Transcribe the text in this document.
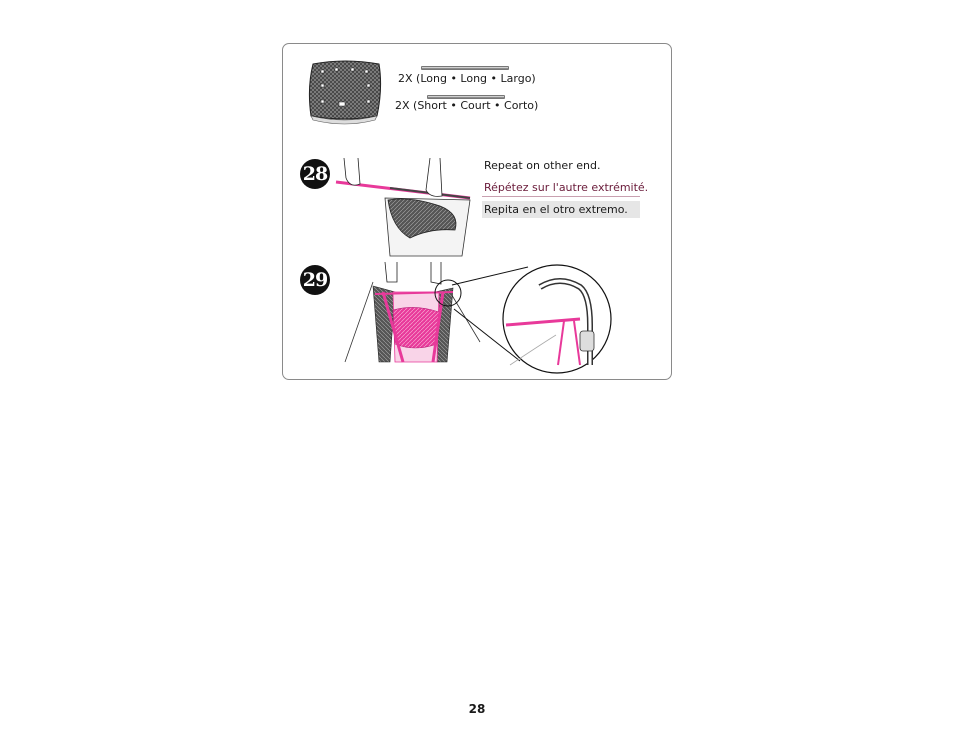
2X (Long • Long • Largo)
2X (Short • Court • Corto)
28	Repeat on other end.
Répétez sur l'autre extrémité.
Repita en el otro extremo.
29
28
